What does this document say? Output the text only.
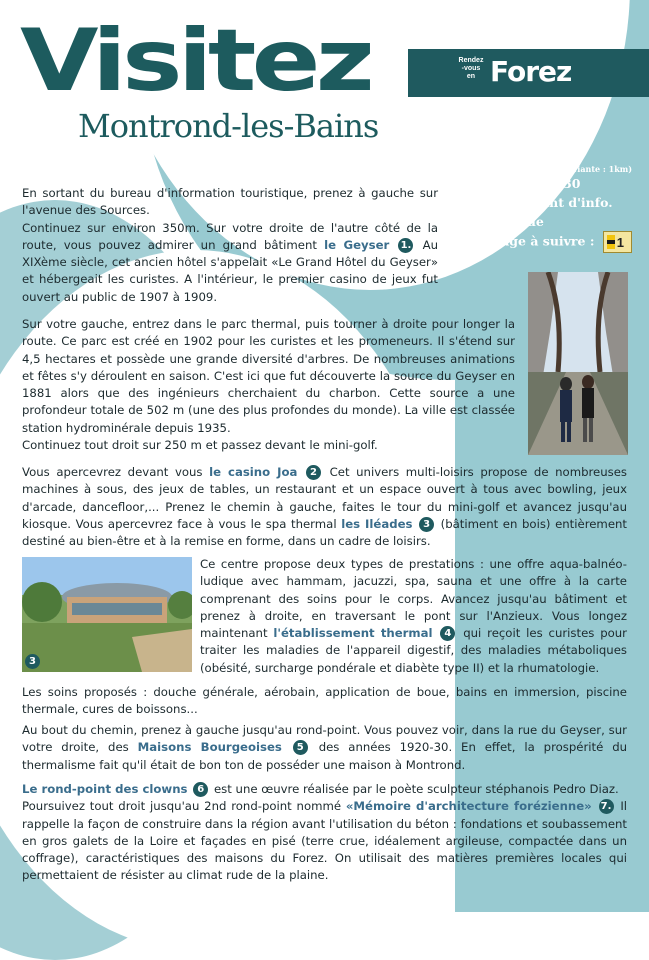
Visitez
Montrond-les-Bains
Rendez -vous en Forez
à savoir...
Distance : 3 km
( variante : 1km)
Durée : ≃ 1 h 30
Départ : point d'info. touristique
Balisage à suivre : 1
3
En sortant du bureau d'information touristique, prenez à gauche sur l'avenue des Sources.
Continuez sur environ 350m. Sur votre droite de l'autre côté de la route, vous pouvez admirer un grand bâtiment le Geyser 1. Au XIXème siècle, cet ancien hôtel s'appelait «Le Grand Hôtel du Geyser» et hébergeait les curistes. A l'intérieur, le premier casino de jeux fut ouvert au public de 1907 à 1909.
Sur votre gauche, entrez dans le parc thermal, puis tourner à droite pour longer la route. Ce parc est créé en 1902 pour les curistes et les promeneurs. Il s'étend sur 4,5 hectares et possède une grande diversité d'arbres. De nombreuses animations et fêtes s'y déroulent en saison. C'est ici que fut découverte la source du Geyser en 1881 alors que des ingénieurs cherchaient du charbon. Cette source a une profondeur totale de 502 m (une des plus profondes du monde). La ville est classée station hydrominérale depuis 1935.
Continuez tout droit sur 250 m et passez devant le mini-golf.
Vous apercevrez devant vous le casino Joa 2 Cet univers multi-loisirs propose de nombreuses machines à sous, des jeux de tables, un restaurant et un espace ouvert à tous avec bowling, jeux d'arcade, dancefloor,... Prenez le chemin à gauche, faites le tour du mini-golf et avancez jusqu'au kiosque. Vous apercevrez face à vous le spa thermal les Iléades 3 (bâtiment en bois) entièrement destiné au bien-être et à la remise en forme, dans un cadre de loisirs.
Ce centre propose deux types de prestations : une offre aqua-balnéo-ludique avec hammam, jacuzzi, spa, sauna et une offre à la carte comprenant des soins pour le corps. Avancez jusqu'au bâtiment et prenez à droite, en traversant le pont sur l'Anzieux. Vous longez maintenant l'établissement thermal 4 qui reçoit les curistes pour traiter les maladies de l'appareil digestif, des maladies métaboliques (obésité, surcharge pondérale et diabète type II) et la rhumatologie.
Les soins proposés : douche générale, aérobain, application de boue, bains en immersion, piscine thermale, cures de boissons...
Au bout du chemin, prenez à gauche jusqu'au rond-point. Vous pouvez voir, dans la rue du Geyser, sur votre droite, des Maisons Bourgeoises 5 des années 1920-30. En effet, la prospérité du thermalisme fait qu'il était de bon ton de posséder une maison à Montrond.
Le rond-point des clowns 6 est une œuvre réalisée par le poète sculpteur stéphanois Pedro Diaz.
Poursuivez tout droit jusqu'au 2nd rond-point nommé «Mémoire d'architecture forézienne» 7. Il rappelle la façon de construire dans la région avant l'utilisation du béton : fondations et soubassement en gros galets de la Loire et façades en pisé (terre crue, idéalement argileuse, compactée dans un coffrage), caractéristiques des maisons du Forez. On utilisait des matières premières locales qui permettaient de résister au climat rude de la plaine.
